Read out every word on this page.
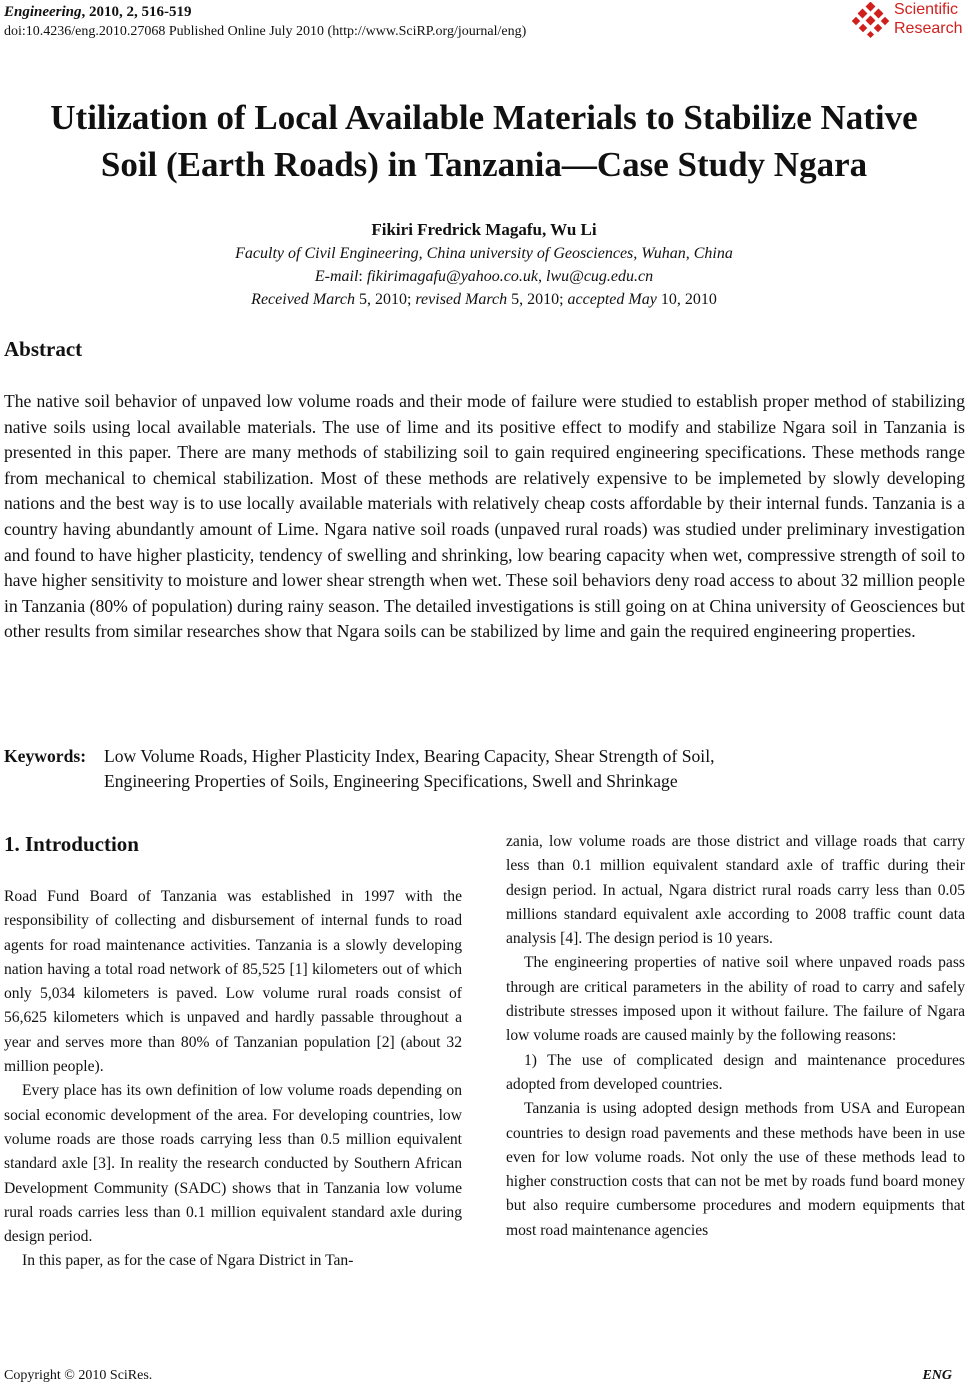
Engineering, 2010, 2, 516-519
doi:10.4236/eng.2010.27068 Published Online July 2010 (http://www.SciRP.org/journal/eng)
Scientific
Research
Utilization of Local Available Materials to Stabilize Native
Soil (Earth Roads) in Tanzania—Case Study Ngara
Fikiri Fredrick Magafu, Wu Li
Faculty of Civil Engineering, China university of Geosciences, Wuhan, China
E-mail: fikirimagafu@yahoo.co.uk, lwu@cug.edu.cn
Received March 5, 2010; revised March 5, 2010; accepted May 10, 2010
Abstract
The native soil behavior of unpaved low volume roads and their mode of failure were studied to establish proper method of stabilizing native soils using local available materials. The use of lime and its positive effect to modify and stabilize Ngara soil in Tanzania is presented in this paper. There are many methods of stabilizing soil to gain required engineering specifications. These methods range from mechanical to chemical stabilization. Most of these methods are relatively expensive to be implemeted by slowly developing nations and the best way is to use locally available materials with relatively cheap costs affordable by their internal funds. Tanzania is a country having abundantly amount of Lime. Ngara native soil roads (unpaved rural roads) was studied under preliminary investigation and found to have higher plasticity, tendency of swelling and shrinking, low bearing capacity when wet, compressive strength of soil to have higher sensitivity to moisture and lower shear strength when wet. These soil behaviors deny road access to about 32 million people in Tanzania (80% of population) during rainy season. The detailed investigations is still going on at China university of Geosciences but other results from similar researches show that Ngara soils can be stabilized by lime and gain the required engineering properties.
Keywords: Low Volume Roads, Higher Plasticity Index, Bearing Capacity, Shear Strength of Soil,
Engineering Properties of Soils, Engineering Specifications, Swell and Shrinkage
1. Introduction

Road Fund Board of Tanzania was established in 1997 with the responsibility of collecting and disbursement of internal funds to road agents for road maintenance activities. Tanzania is a slowly developing nation having a total road network of 85,525 [1] kilometers out of which only 5,034 kilometers is paved. Low volume rural roads consist of 56,625 kilometers which is unpaved and hardly passable throughout a year and serves more than 80% of Tanzanian population [2] (about 32 million people).

Every place has its own definition of low volume roads depending on social economic development of the area. For developing countries, low volume roads are those roads carrying less than 0.5 million equivalent standard axle [3]. In reality the research conducted by Southern African Development Community (SADC) shows that in Tanzania low volume rural roads carries less than 0.1 million equivalent standard axle during design period.

In this paper, as for the case of Ngara District in Tan-

zania, low volume roads are those district and village roads that carry less than 0.1 million equivalent standard axle of traffic during their design period. In actual, Ngara district rural roads carry less than 0.05 millions standard equivalent axle according to 2008 traffic count data analysis [4]. The design period is 10 years.

The engineering properties of native soil where unpaved roads pass through are critical parameters in the ability of road to carry and safely distribute stresses imposed upon it without failure. The failure of Ngara low volume roads are caused mainly by the following reasons:

1) The use of complicated design and maintenance procedures adopted from developed countries.

Tanzania is using adopted design methods from USA and European countries to design road pavements and these methods have been in use even for low volume roads. Not only the use of these methods lead to higher construction costs that can not be met by roads fund board money but also require cumbersome procedures and modern equipments that most road maintenance agencies

Copyright © 2010 SciRes.	ENG
